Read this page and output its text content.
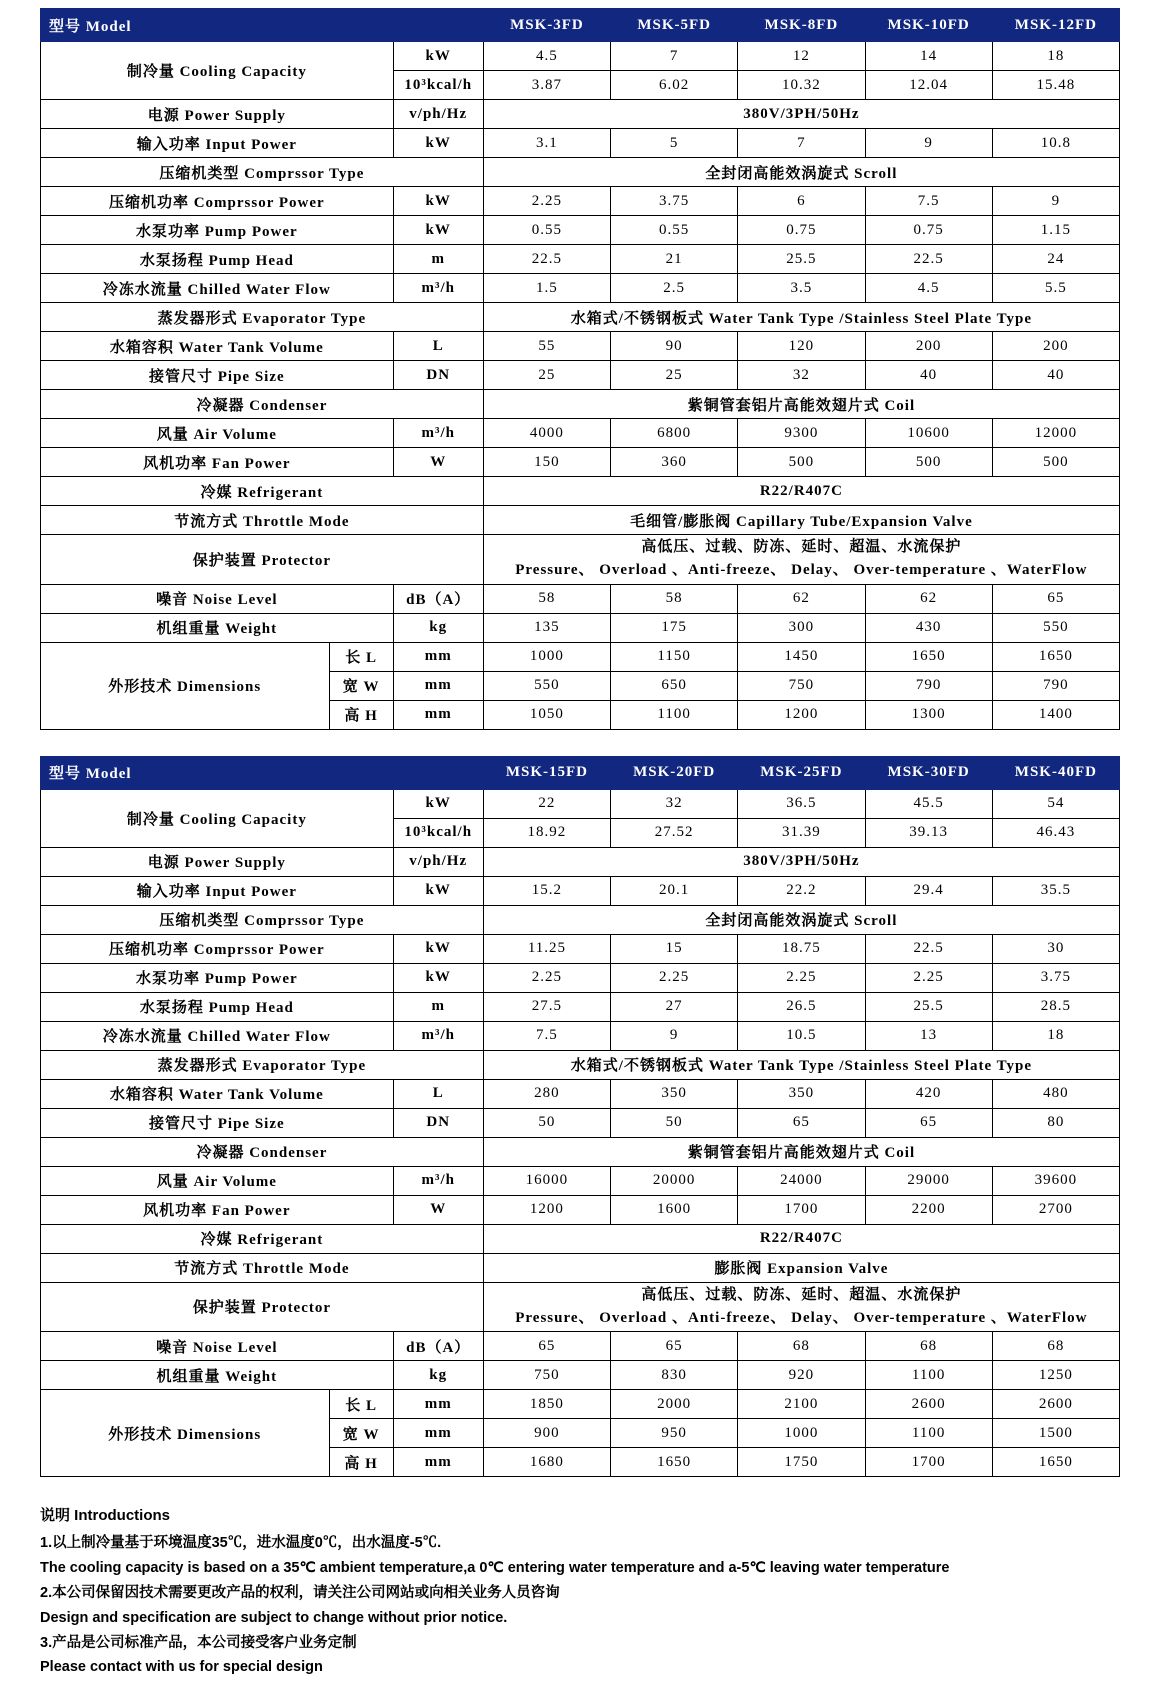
型号 Model			MSK-3FD	MSK-5FD	MSK-8FD	MSK-10FD	MSK-12FD
制冷量 Cooling Capacity		kW	4.5	7	12	14	18
		10³kcal/h	3.87	6.02	10.32	12.04	15.48
电源 Power Supply		v/ph/Hz	380V/3PH/50Hz				
输入功率 Input Power		kW	3.1	5	7	9	10.8
压缩机类型 Comprssor Type			全封闭高能效涡旋式 Scroll				
压缩机功率 Comprssor Power		kW	2.25	3.75	6	7.5	9
水泵功率 Pump Power		kW	0.55	0.55	0.75	0.75	1.15
水泵扬程 Pump Head		m	22.5	21	25.5	22.5	24
冷冻水流量 Chilled Water Flow		m³/h	1.5	2.5	3.5	4.5	5.5
蒸发器形式 Evaporator Type			水箱式/不锈钢板式 Water Tank Type /Stainless Steel Plate Type				
水箱容积 Water Tank Volume		L	55	90	120	200	200
接管尺寸 Pipe Size		DN	25	25	32	40	40
冷凝器 Condenser			紫铜管套铝片高能效翅片式 Coil				
风量 Air Volume		m³/h	4000	6800	9300	10600	12000
风机功率 Fan Power		W	150	360	500	500	500
冷媒 Refrigerant			R22/R407C				
节流方式 Throttle Mode			毛细管/膨胀阀 Capillary Tube/Expansion Valve				
保护装置 Protector			高低压、过载、防冻、延时、超温、水流保护
Pressure、 Overload 、Anti-freeze、 Delay、 Over-temperature 、WaterFlow				

噪音 Noise Level		dB（A）	58	58	62	62	65
机组重量 Weight		kg	135	175	300	430	550
外形技术 Dimensions	长 L	mm	1000	1150	1450	1650	1650
	宽 W	mm	550	650	750	790	790
	高 H	mm	1050	1100	1200	1300	1400
型号 Model			MSK-15FD	MSK-20FD	MSK-25FD	MSK-30FD	MSK-40FD
制冷量 Cooling Capacity		kW	22	32	36.5	45.5	54
		10³kcal/h	18.92	27.52	31.39	39.13	46.43
电源 Power Supply		v/ph/Hz	380V/3PH/50Hz				
输入功率 Input Power		kW	15.2	20.1	22.2	29.4	35.5
压缩机类型 Comprssor Type			全封闭高能效涡旋式 Scroll				
压缩机功率 Comprssor Power		kW	11.25	15	18.75	22.5	30
水泵功率 Pump Power		kW	2.25	2.25	2.25	2.25	3.75
水泵扬程 Pump Head		m	27.5	27	26.5	25.5	28.5
冷冻水流量 Chilled Water Flow		m³/h	7.5	9	10.5	13	18
蒸发器形式 Evaporator Type			水箱式/不锈钢板式 Water Tank Type /Stainless Steel Plate Type				
水箱容积 Water Tank Volume		L	280	350	350	420	480
接管尺寸 Pipe Size		DN	50	50	65	65	80
冷凝器 Condenser			紫铜管套铝片高能效翅片式 Coil				
风量 Air Volume		m³/h	16000	20000	24000	29000	39600
风机功率 Fan Power		W	1200	1600	1700	2200	2700
冷媒 Refrigerant			R22/R407C				
节流方式 Throttle Mode			膨胀阀 Expansion Valve				
保护装置 Protector			高低压、过载、防冻、延时、超温、水流保护
Pressure、 Overload 、Anti-freeze、 Delay、 Over-temperature 、WaterFlow				

噪音 Noise Level		dB（A）	65	65	68	68	68
机组重量 Weight		kg	750	830	920	1100	1250
外形技术 Dimensions	长 L	mm	1850	2000	2100	2600	2600
	宽 W	mm	900	950	1000	1100	1500
	高 H	mm	1680	1650	1750	1700	1650
说明 Introductions
1.以上制冷量基于环境温度35℃，进水温度0℃，出水温度-5℃.
The cooling capacity is based on a 35℃ ambient temperature,a 0℃ entering water temperature and a-5℃ leaving water temperature
2.本公司保留因技术需要更改产品的权利，请关注公司网站或向相关业务人员咨询
Design and specification are subject to change without prior notice.
3.产品是公司标准产品，本公司接受客户业务定制
Please contact with us for special design
